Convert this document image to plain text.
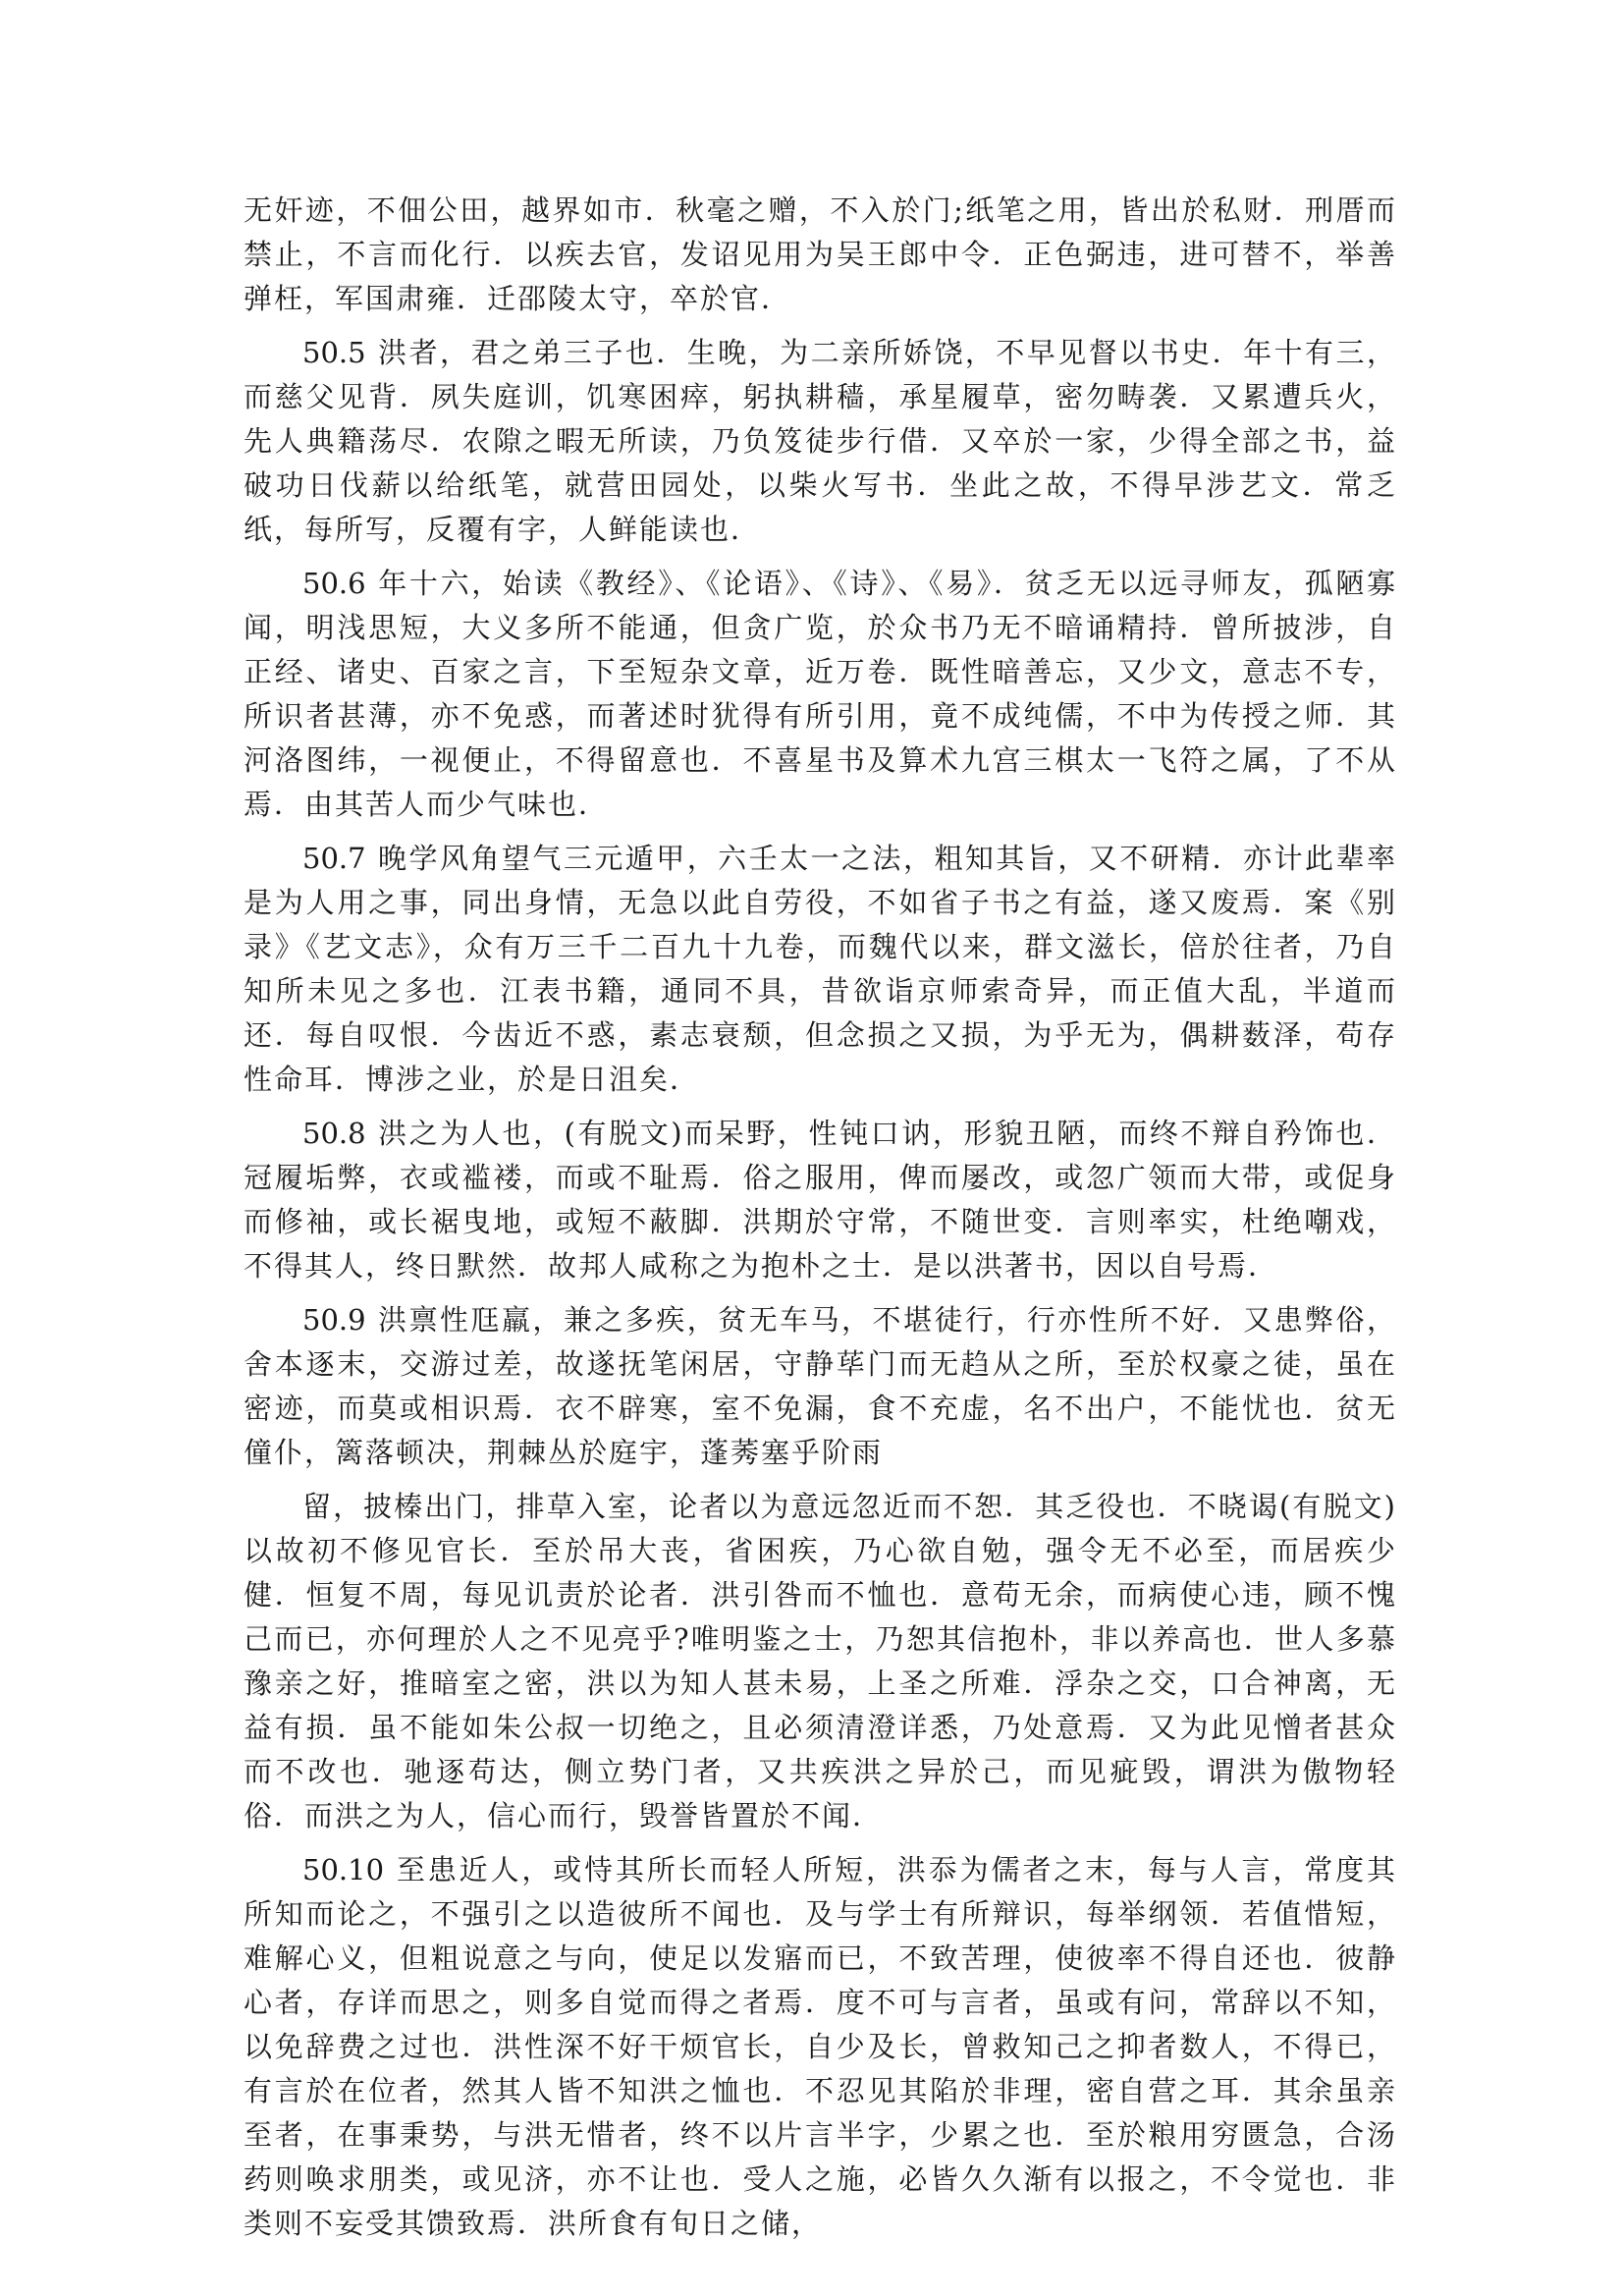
无奸迹，不佃公田，越界如市．秋毫之赠，不入於门;纸笔之用，皆出於私财．刑厝而禁止，不言而化行．以疾去官，发诏见用为吴王郎中令．正色弼违，进可替不，举善弹枉，军国肃雍．迁邵陵太守，卒於官．

50.5 洪者，君之弟三子也．生晚，为二亲所娇饶，不早见督以书史．年十有三，而慈父见背．夙失庭训，饥寒困瘁，躬执耕穑，承星履草，密勿畴袭．又累遭兵火，先人典籍荡尽．农隙之暇无所读，乃负笈徒步行借．又卒於一家，少得全部之书，益破功日伐薪以给纸笔，就营田园处，以柴火写书．坐此之故，不得早涉艺文．常乏纸，每所写，反覆有字，人鲜能读也．

50.6 年十六，始读《教经》、《论语》、《诗》、《易》．贫乏无以远寻师友，孤陋寡闻，明浅思短，大义多所不能通，但贪广览，於众书乃无不暗诵精持．曾所披涉，自正经、诸史、百家之言，下至短杂文章，近万卷．既性暗善忘，又少文，意志不专，所识者甚薄，亦不免惑，而著述时犹得有所引用，竟不成纯儒，不中为传授之师．其河洛图纬，一视便止，不得留意也．不喜星书及算术九宫三棋太一飞符之属，了不从焉．由其苦人而少气味也．

50.7 晚学风角望气三元遁甲，六壬太一之法，粗知其旨，又不研精．亦计此辈率是为人用之事，同出身情，无急以此自劳役，不如省子书之有益，遂又废焉．案《别录》《艺文志》，众有万三千二百九十九卷，而魏代以来，群文滋长，倍於往者，乃自知所未见之多也．江表书籍，通同不具，昔欲诣京师索奇异，而正值大乱，半道而还．每自叹恨．今齿近不惑，素志衰颓，但念损之又损，为乎无为，偶耕薮泽，苟存性命耳．博涉之业，於是日沮矣．

50.8 洪之为人也，(有脱文)而呆野，性钝口讷，形貌丑陋，而终不辩自矜饰也．冠履垢弊，衣或褴褛，而或不耻焉．俗之服用，俾而屡改，或忽广领而大带，或促身而修袖，或长裾曳地，或短不蔽脚．洪期於守常，不随世变．言则率实，杜绝嘲戏，不得其人，终日默然．故邦人咸称之为抱朴之士．是以洪著书，因以自号焉．

50.9 洪禀性尫羸，兼之多疾，贫无车马，不堪徒行，行亦性所不好．又患弊俗，舍本逐末，交游过差，故遂抚笔闲居，守静荜门而无趋从之所，至於权豪之徒，虽在密迹，而莫或相识焉．衣不辟寒，室不免漏，食不充虚，名不出户，不能忧也．贫无僮仆，篱落顿决，荆棘丛於庭宇，蓬莠塞乎阶雨

留，披榛出门，排草入室，论者以为意远忽近而不恕．其乏役也．不晓谒(有脱文)以故初不修见官长．至於吊大丧，省困疾，乃心欲自勉，强令无不必至，而居疾少健．恒复不周，每见讥责於论者．洪引咎而不恤也．意苟无余，而病使心违，顾不愧己而已，亦何理於人之不见亮乎?唯明鉴之士，乃恕其信抱朴，非以养高也．世人多慕豫亲之好，推暗室之密，洪以为知人甚未易，上圣之所难．浮杂之交，口合神离，无益有损．虽不能如朱公叔一切绝之，且必须清澄详悉，乃处意焉．又为此见憎者甚众而不改也．驰逐苟达，侧立势门者，又共疾洪之异於己，而见疵毁，谓洪为傲物轻俗．而洪之为人，信心而行，毁誉皆置於不闻．

50.10 至患近人，或恃其所长而轻人所短，洪忝为儒者之末，每与人言，常度其所知而论之，不强引之以造彼所不闻也．及与学士有所辩识，每举纲领．若值惜短，难解心义，但粗说意之与向，使足以发寤而已，不致苦理，使彼率不得自还也．彼静心者，存详而思之，则多自觉而得之者焉．度不可与言者，虽或有问，常辞以不知，以免辞费之过也．洪性深不好干烦官长，自少及长，曾救知己之抑者数人，不得已，有言於在位者，然其人皆不知洪之恤也．不忍见其陷於非理，密自营之耳．其余虽亲至者，在事秉势，与洪无惜者，终不以片言半字，少累之也．至於粮用穷匮急，合汤药则唤求朋类，或见济，亦不让也．受人之施，必皆久久渐有以报之，不令觉也．非类则不妄受其馈致焉．洪所食有旬日之储，
